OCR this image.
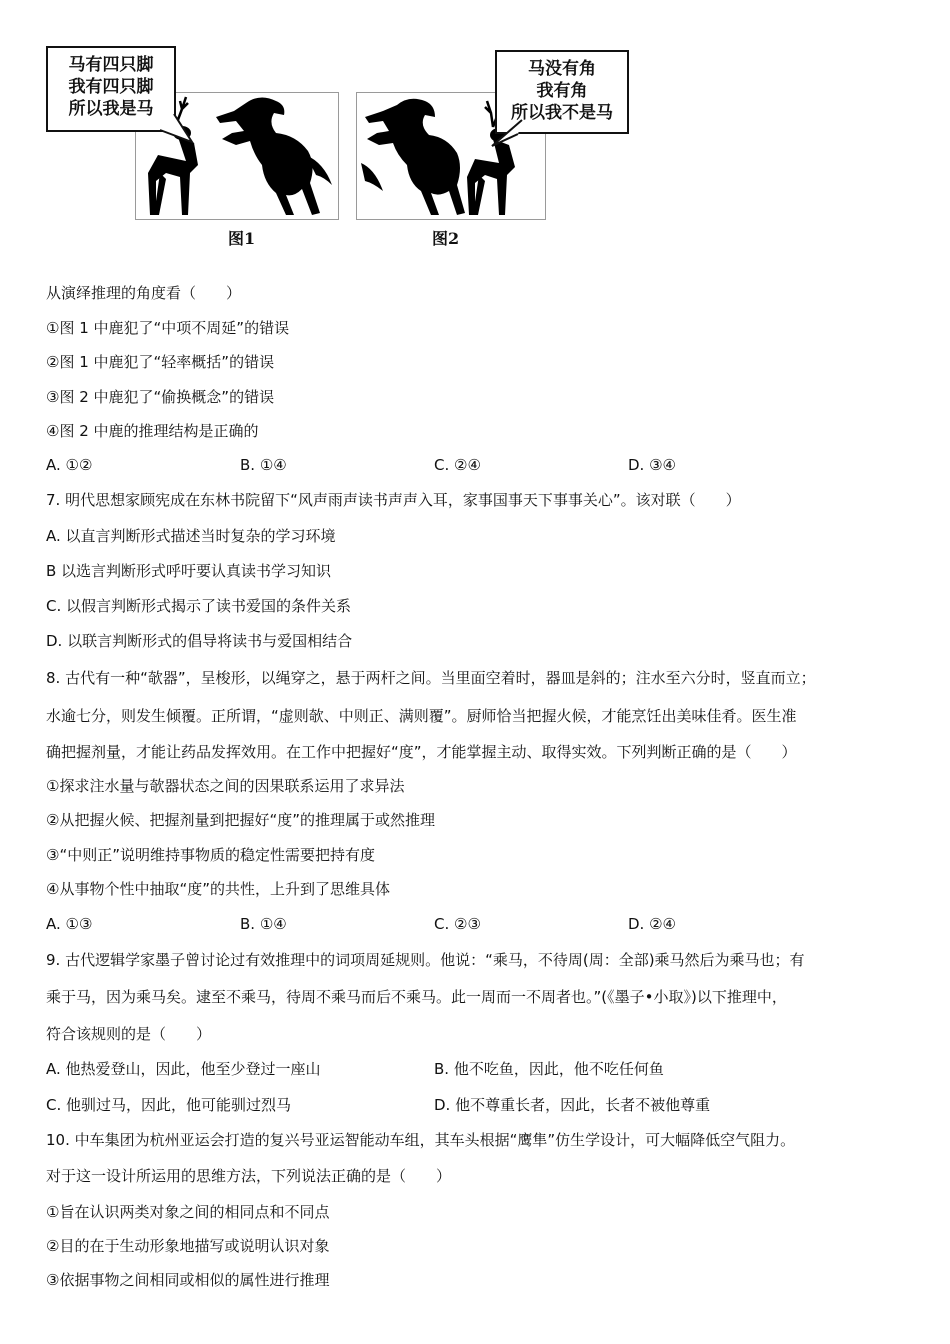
马有四只脚
我有四只脚
所以我是马
图1
马没有角
我有角
所以我不是马
图2
从演绎推理的角度看（　　）
①图 1 中鹿犯了“中项不周延”的错误
②图 1 中鹿犯了“轻率概括”的错误
③图 2 中鹿犯了“偷换概念”的错误
④图 2 中鹿的推理结构是正确的
A. ①②	B. ①④	C. ②④	D. ③④
7. 明代思想家顾宪成在东林书院留下“风声雨声读书声声入耳，家事国事天下事事关心”。该对联（　　）
A. 以直言判断形式描述当时复杂的学习环境
B 以选言判断形式呼吁要认真读书学习知识
C. 以假言判断形式揭示了读书爱国的条件关系
D. 以联言判断形式的倡导将读书与爱国相结合
8. 古代有一种“欹器”，呈梭形，以绳穿之，悬于两杆之间。当里面空着时，器皿是斜的；注水至六分时，竖直而立；
水逾七分，则发生倾覆。正所谓，“虚则欹、中则正、满则覆”。厨师恰当把握火候，才能烹饪出美味佳肴。医生准
确把握剂量，才能让药品发挥效用。在工作中把握好“度”，才能掌握主动、取得实效。下列判断正确的是（　　）
①探求注水量与欹器状态之间的因果联系运用了求异法
②从把握火候、把握剂量到把握好“度”的推理属于或然推理
③“中则正”说明维持事物质的稳定性需要把持有度
④从事物个性中抽取“度”的共性，上升到了思维具体
A. ①③	B. ①④	C. ②③	D. ②④
9. 古代逻辑学家墨子曾讨论过有效推理中的词项周延规则。他说：“乘马，不待周(周：全部)乘马然后为乘马也；有
乘于马，因为乘马矣。逮至不乘马，待周不乘马而后不乘马。此一周而一不周者也。”(《墨子•小取》)以下推理中，
符合该规则的是（　　）
A. 他热爱登山，因此，他至少登过一座山	B. 他不吃鱼，因此，他不吃任何鱼
C. 他驯过马，因此，他可能驯过烈马	D. 他不尊重长者，因此，长者不被他尊重
10. 中车集团为杭州亚运会打造的复兴号亚运智能动车组，其车头根据“鹰隼”仿生学设计，可大幅降低空气阻力。
对于这一设计所运用的思维方法，下列说法正确的是（　　）
①旨在认识两类对象之间的相同点和不同点
②目的在于生动形象地描写或说明认识对象
③依据事物之间相同或相似的属性进行推理
